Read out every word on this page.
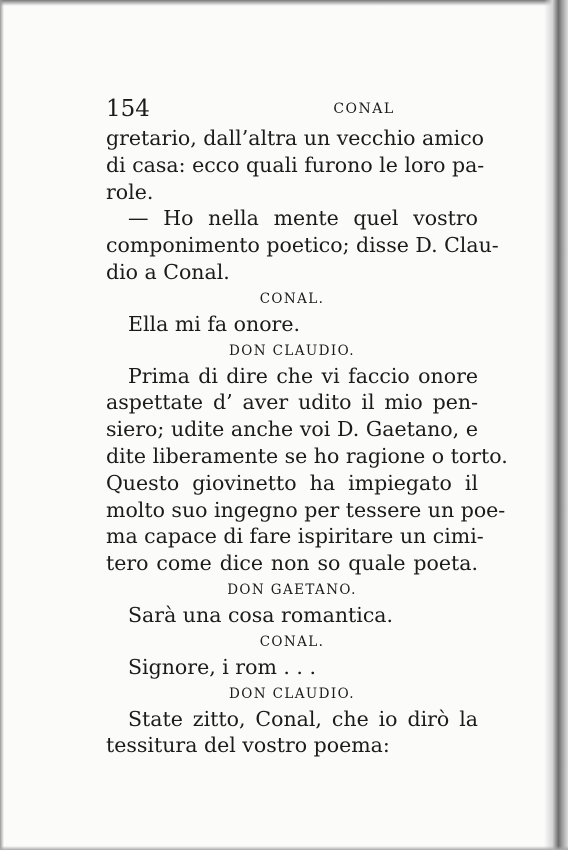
154	CONAL
gretario, dall’altra un vecchio amico
di casa: ecco quali furono le loro pa-
role.
— Ho nella mente quel vostro
componimento poetico; disse D. Clau-
dio a Conal.
CONAL.
Ella mi fa onore.
DON CLAUDIO.
Prima di dire che vi faccio onore
aspettate d’ aver udito il mio pen-
siero; udite anche voi D. Gaetano, e
dite liberamente se ho ragione o torto.
Questo giovinetto ha impiegato il
molto suo ingegno per tessere un poe-
ma capace di fare ispiritare un cimi-
tero come dice non so quale poeta.
DON GAETANO.
Sarà una cosa romantica.
CONAL.
Signore, i rom . . .
DON CLAUDIO.
State zitto, Conal, che io dirò la
tessitura del vostro poema:
